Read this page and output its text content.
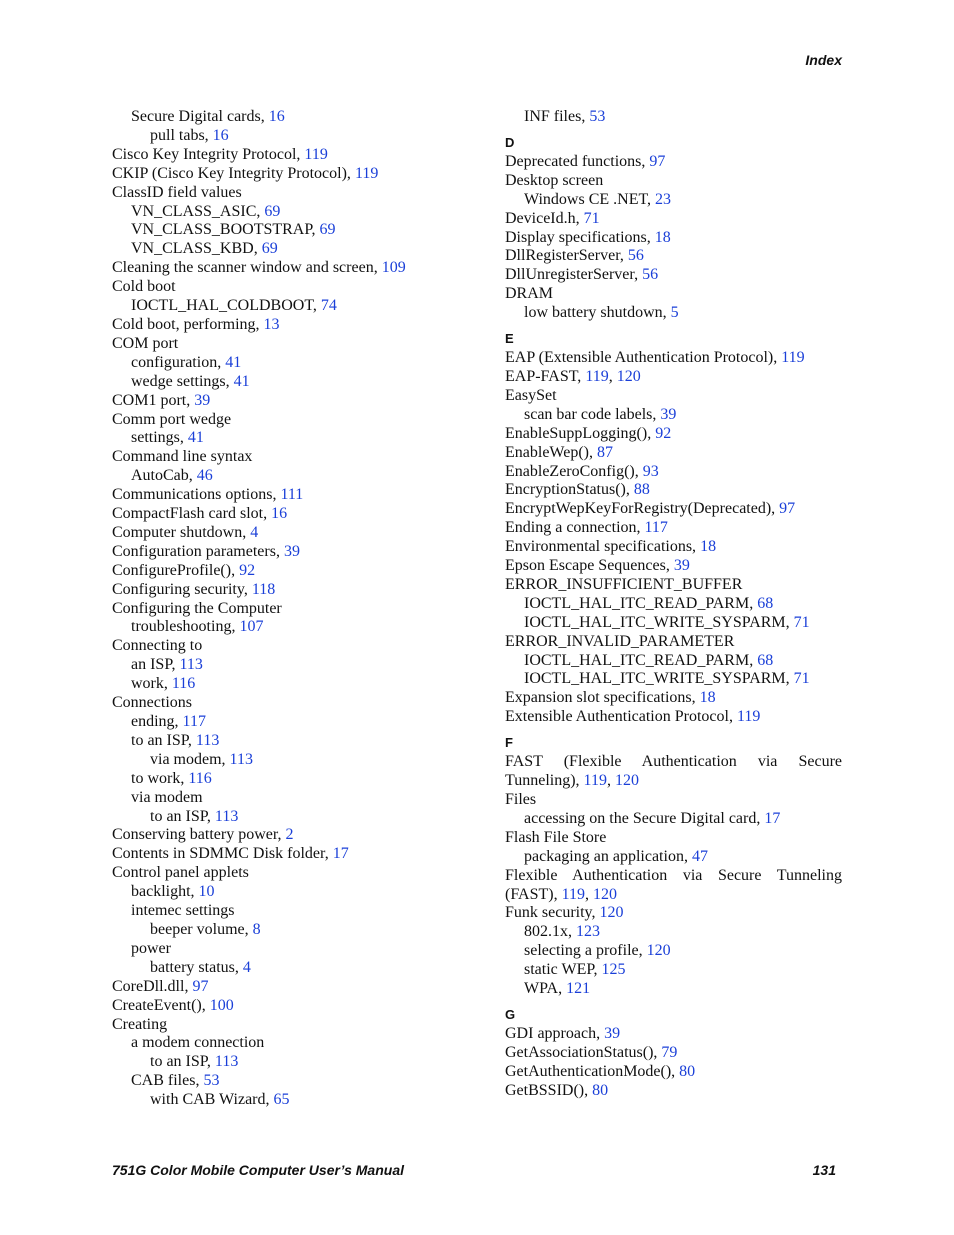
Index
Secure Digital cards, 16
pull tabs, 16
Cisco Key Integrity Protocol, 119
CKIP (Cisco Key Integrity Protocol), 119
ClassID field values
VN_CLASS_ASIC, 69
VN_CLASS_BOOTSTRAP, 69
VN_CLASS_KBD, 69
Cleaning the scanner window and screen, 109
Cold boot
IOCTL_HAL_COLDBOOT, 74
Cold boot, performing, 13
COM port
configuration, 41
wedge settings, 41
COM1 port, 39
Comm port wedge
settings, 41
Command line syntax
AutoCab, 46
Communications options, 111
CompactFlash card slot, 16
Computer shutdown, 4
Configuration parameters, 39
ConfigureProfile(), 92
Configuring security, 118
Configuring the Computer
troubleshooting, 107
Connecting to
an ISP, 113
work, 116
Connections
ending, 117
to an ISP, 113
via modem, 113
to work, 116
via modem
to an ISP, 113
Conserving battery power, 2
Contents in SDMMC Disk folder, 17
Control panel applets
backlight, 10
intemec settings
beeper volume, 8
power
battery status, 4
CoreDll.dll, 97
CreateEvent(), 100
Creating
a modem connection
to an ISP, 113
CAB files, 53
with CAB Wizard, 65
INF files, 53
D
Deprecated functions, 97
Desktop screen
Windows CE .NET, 23
DeviceId.h, 71
Display specifications, 18
DllRegisterServer, 56
DllUnregisterServer, 56
DRAM
low battery shutdown, 5
E
EAP (Extensible Authentication Protocol), 119
EAP-FAST, 119, 120
EasySet
scan bar code labels, 39
EnableSuppLogging(), 92
EnableWep(), 87
EnableZeroConfig(), 93
EncryptionStatus(), 88
EncryptWepKeyForRegistry(Deprecated), 97
Ending a connection, 117
Environmental specifications, 18
Epson Escape Sequences, 39
ERROR_INSUFFICIENT_BUFFER
IOCTL_HAL_ITC_READ_PARM, 68
IOCTL_HAL_ITC_WRITE_SYSPARM, 71
ERROR_INVALID_PARAMETER
IOCTL_HAL_ITC_READ_PARM, 68
IOCTL_HAL_ITC_WRITE_SYSPARM, 71
Expansion slot specifications, 18
Extensible Authentication Protocol, 119
F
FAST (Flexible Authentication via Secure Tunneling), 119, 120
Files
accessing on the Secure Digital card, 17
Flash File Store
packaging an application, 47
Flexible Authentication via Secure Tunneling (FAST), 119, 120
Funk security, 120
802.1x, 123
selecting a profile, 120
static WEP, 125
WPA, 121
G
GDI approach, 39
GetAssociationStatus(), 79
GetAuthenticationMode(), 80
GetBSSID(), 80
751G Color Mobile Computer User’s Manual	131
